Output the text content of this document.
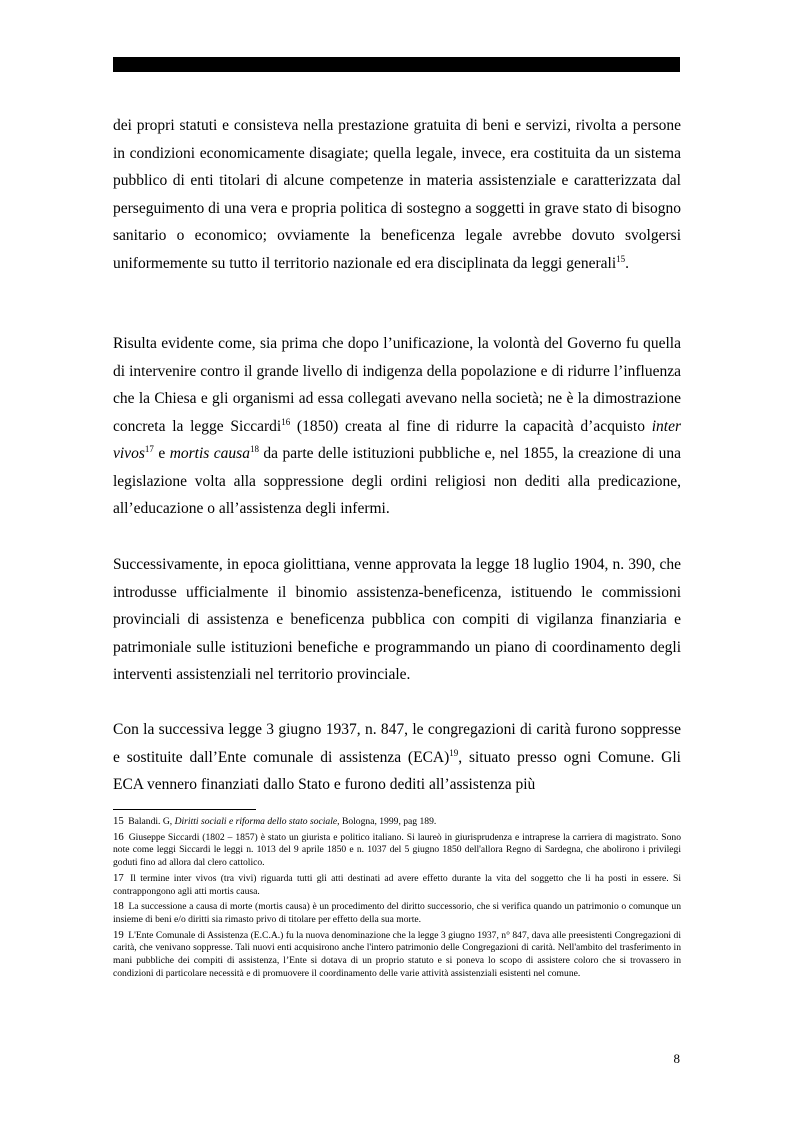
dei propri statuti e consisteva nella prestazione gratuita di beni e servizi, rivolta a persone in condizioni economicamente disagiate; quella legale, invece, era costituita da un sistema pubblico di enti titolari di alcune competenze in materia assistenziale e caratterizzata dal perseguimento di una vera e propria politica di sostegno a soggetti in grave stato di bisogno sanitario o economico; ovviamente la beneficenza legale avrebbe dovuto svolgersi uniformemente su tutto il territorio nazionale ed era disciplinata da leggi generali$^{15}$.

Risulta evidente come, sia prima che dopo l’unificazione, la volontà del Governo fu quella di intervenire contro il grande livello di indigenza della popolazione e di ridurre l’influenza che la Chiesa e gli organismi ad essa collegati avevano nella società; ne è la dimostrazione concreta la legge Siccardi$^{16}$ (1850) creata al fine di ridurre la capacità d’acquisto inter vivos$^{17}$ e mortis causa$^{18}$ da parte delle istituzioni pubbliche e, nel 1855, la creazione di una legislazione volta alla soppressione degli ordini religiosi non dediti alla predicazione, all’educazione o all’assistenza degli infermi.

Successivamente, in epoca giolittiana, venne approvata la legge 18 luglio 1904, n. 390, che introdusse ufficialmente il binomio assistenza-beneficenza, istituendo le commissioni provinciali di assistenza e beneficenza pubblica con compiti di vigilanza finanziaria e patrimoniale sulle istituzioni benefiche e programmando un piano di coordinamento degli interventi assistenziali nel territorio provinciale.

Con la successiva legge 3 giugno 1937, n. 847, le congregazioni di carità furono soppresse e sostituite dall’Ente comunale di assistenza (ECA)$^{19}$, situato presso ogni Comune. Gli ECA vennero finanziati dallo Stato e furono dediti all’assistenza più

15 Balandi. G, Diritti sociali e riforma dello stato sociale, Bologna, 1999, pag 189.

16 Giuseppe Siccardi (1802 – 1857) è stato un giurista e politico italiano. Si laureò in giurisprudenza e intraprese la carriera di magistrato. Sono note come leggi Siccardi le leggi n. 1013 del 9 aprile 1850 e n. 1037 del 5 giugno 1850 dell'allora Regno di Sardegna, che abolirono i privilegi goduti fino ad allora dal clero cattolico.

17 Il termine inter vivos (tra vivi) riguarda tutti gli atti destinati ad avere effetto durante la vita del soggetto che li ha posti in essere. Si contrappongono agli atti mortis causa.

18 La successione a causa di morte (mortis causa) è un procedimento del diritto successorio, che si verifica quando un patrimonio o comunque un insieme di beni e/o diritti sia rimasto privo di titolare per effetto della sua morte.

19 L'Ente Comunale di Assistenza (E.C.A.) fu la nuova denominazione che la legge 3 giugno 1937, n° 847, dava alle preesistenti Congregazioni di carità, che venivano soppresse. Tali nuovi enti acquisirono anche l'intero patrimonio delle Congregazioni di carità. Nell'ambito del trasferimento in mani pubbliche dei compiti di assistenza, l’Ente si dotava di un proprio statuto e si poneva lo scopo di assistere coloro che si trovassero in condizioni di particolare necessità e di promuovere il coordinamento delle varie attività assistenziali esistenti nel comune.

8
